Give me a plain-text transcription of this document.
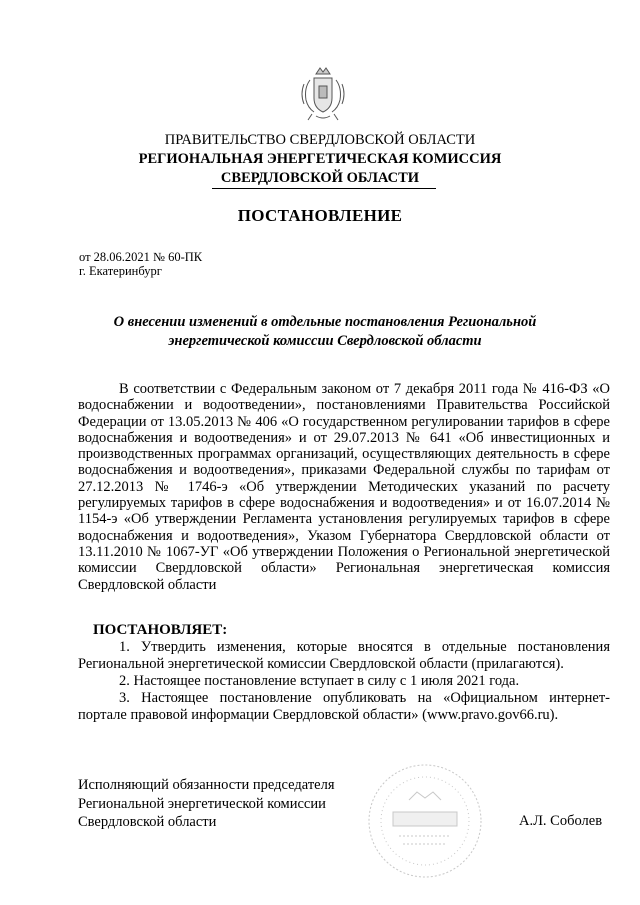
ПРАВИТЕЛЬСТВО СВЕРДЛОВСКОЙ ОБЛАСТИ
РЕГИОНАЛЬНАЯ ЭНЕРГЕТИЧЕСКАЯ КОМИССИЯ
СВЕРДЛОВСКОЙ ОБЛАСТИ
ПОСТАНОВЛЕНИЕ
от 28.06.2021 № 60-ПК
г. Екатеринбург
О внесении изменений в отдельные постановления Региональной энергетической комиссии Свердловской области
В соответствии с Федеральным законом от 7 декабря 2011 года № 416-ФЗ «О водоснабжении и водоотведении», постановлениями Правительства Российской Федерации от 13.05.2013 № 406 «О государственном регулировании тарифов в сфере водоснабжения и водоотведения» и от 29.07.2013 № 641 «Об инвестиционных и производственных программах организаций, осуществляющих деятельность в сфере водоснабжения и водоотведения», приказами Федеральной службы по тарифам от 27.12.2013 № 1746-э «Об утверждении Методических указаний по расчету регулируемых тарифов в сфере водоснабжения и водоотведения» и от 16.07.2014 № 1154-э «Об утверждении Регламента установления регулируемых тарифов в сфере водоснабжения и водоотведения», Указом Губернатора Свердловской области от 13.11.2010 № 1067-УГ «Об утверждении Положения о Региональной энергетической комиссии Свердловской области» Региональная энергетическая комиссия Свердловской области
ПОСТАНОВЛЯЕТ:
1. Утвердить изменения, которые вносятся в отдельные постановления Региональной энергетической комиссии Свердловской области (прилагаются).
2. Настоящее постановление вступает в силу с 1 июля 2021 года.
3. Настоящее постановление опубликовать на «Официальном интернет-портале правовой информации Свердловской области» (www.pravo.gov66.ru).
Исполняющий обязанности председателя
Региональной энергетической комиссии
Свердловской области	А.Л. Соболев
